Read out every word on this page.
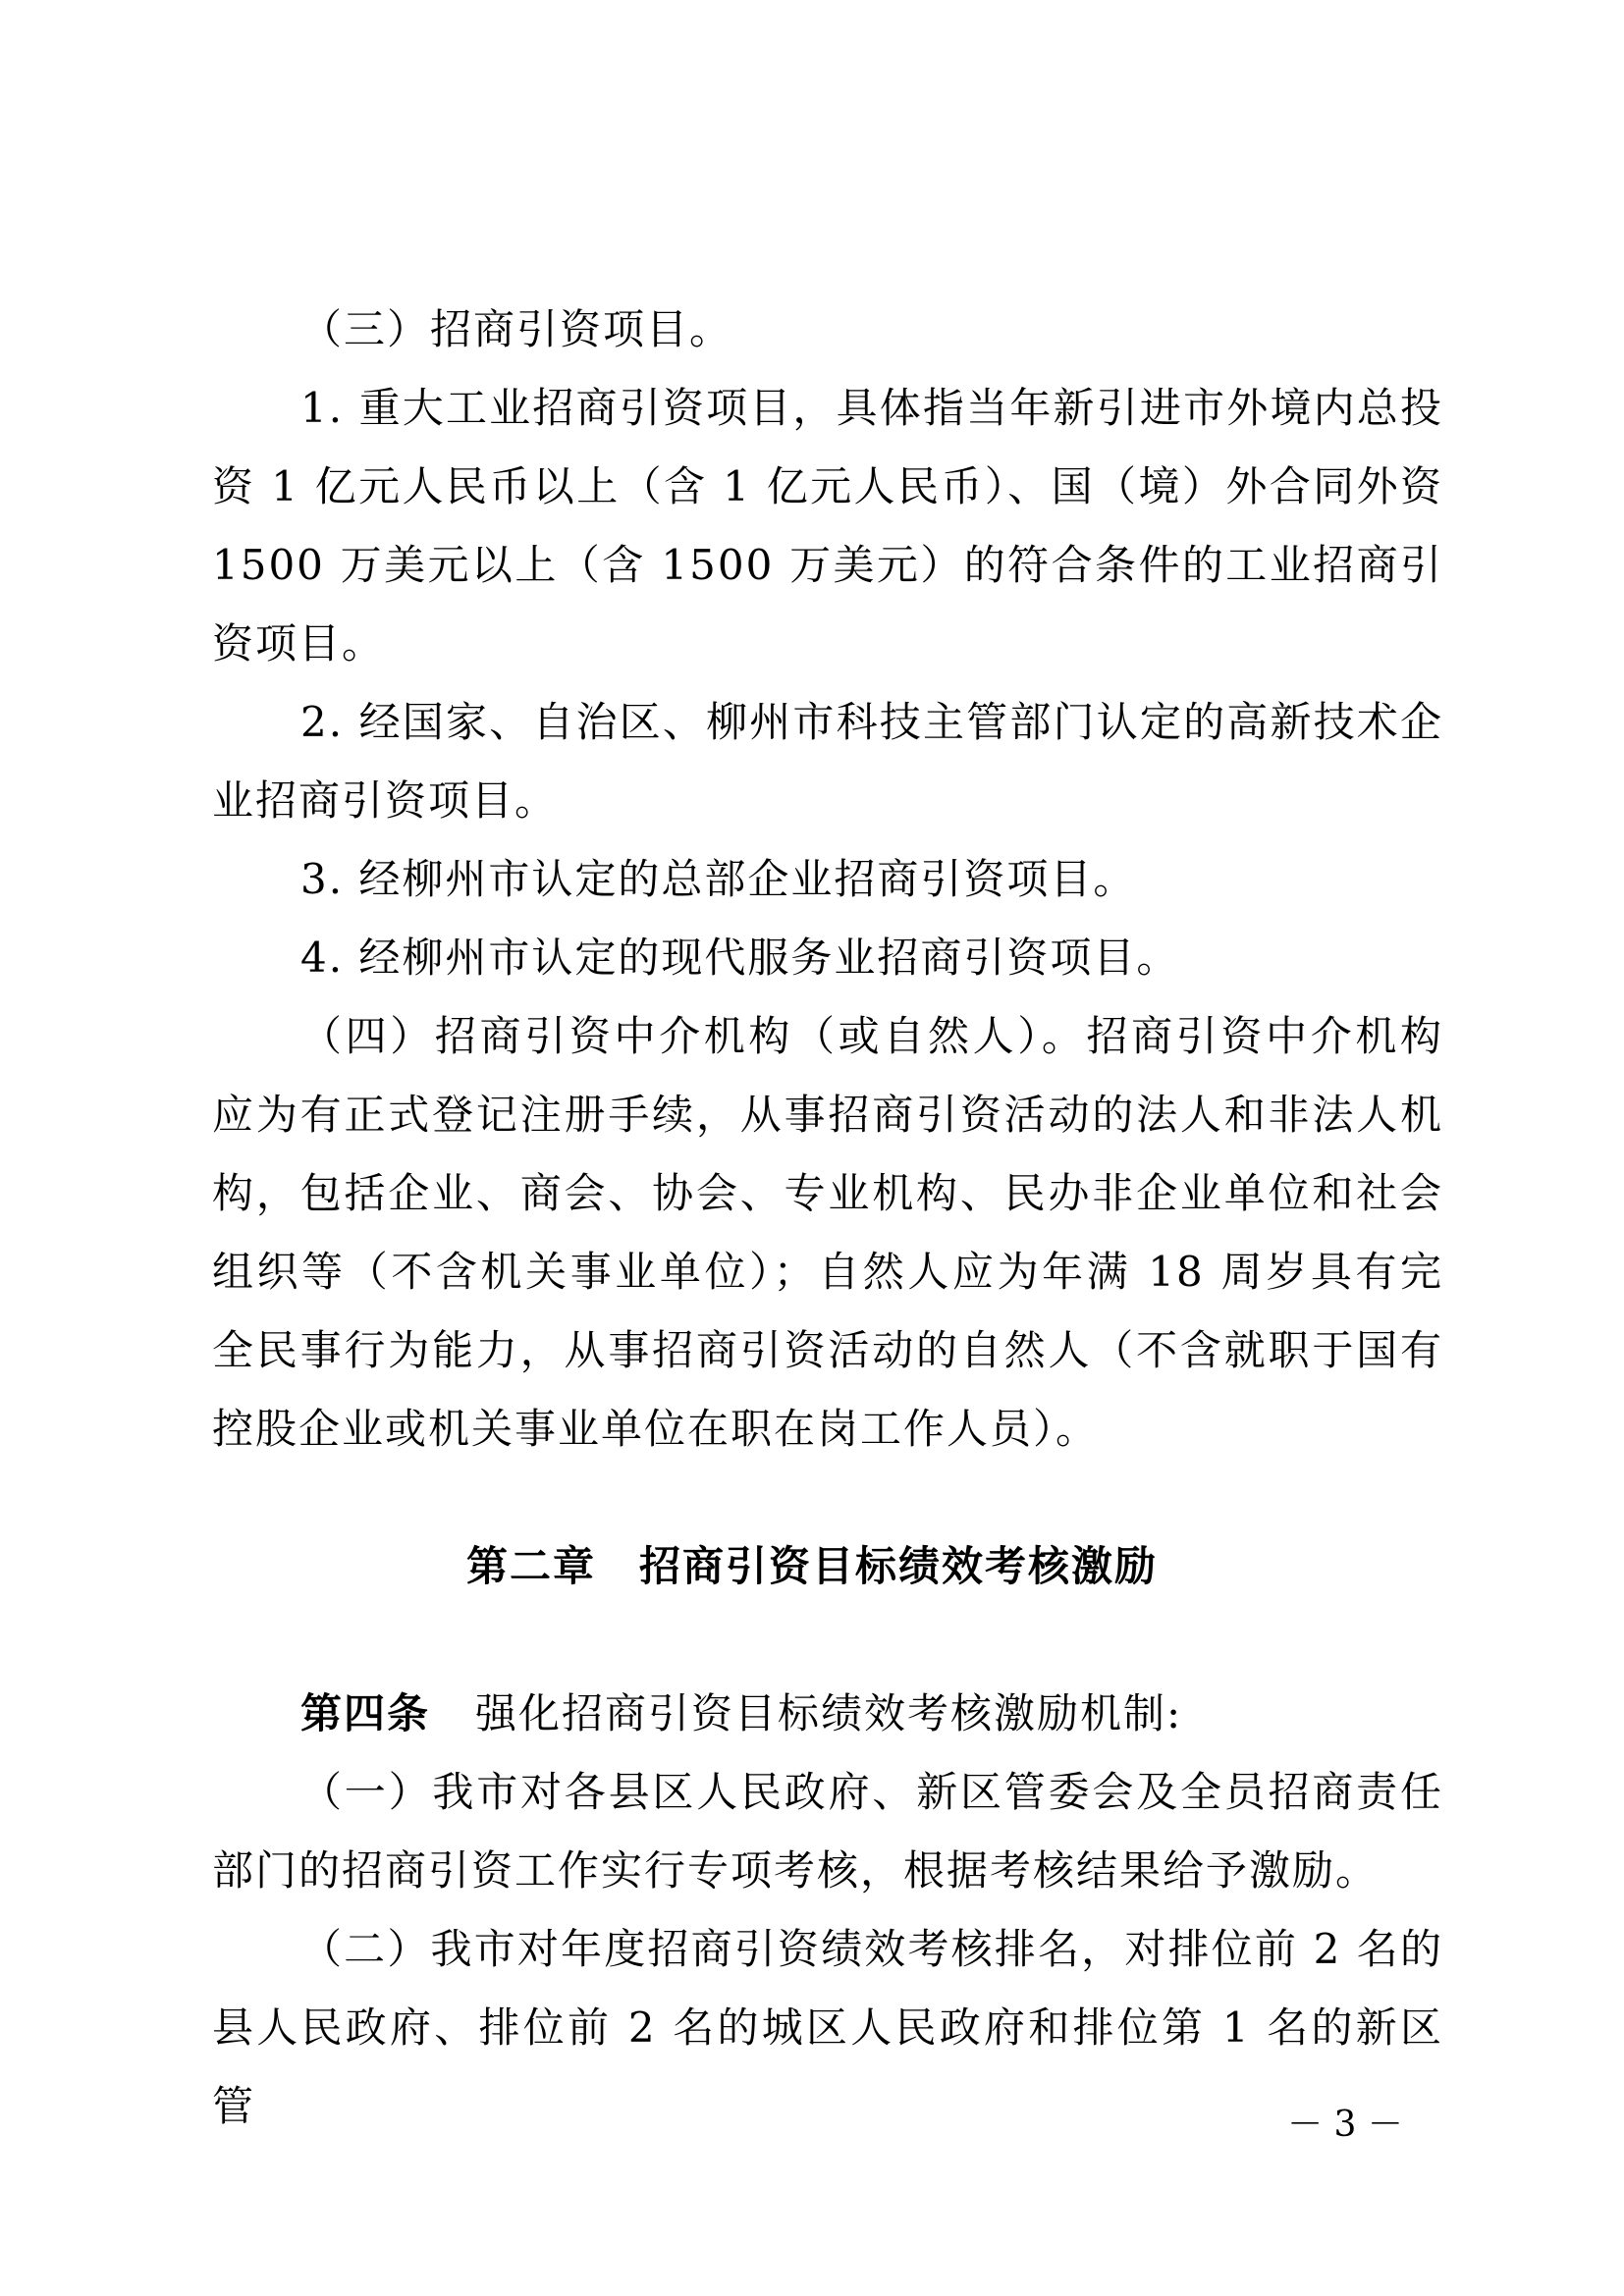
（三）招商引资项目。

1. 重大工业招商引资项目，具体指当年新引进市外境内总投资 1 亿元人民币以上（含 1 亿元人民币）、国（境）外合同外资 1500 万美元以上（含 1500 万美元）的符合条件的工业招商引资项目。

2. 经国家、自治区、柳州市科技主管部门认定的高新技术企业招商引资项目。

3. 经柳州市认定的总部企业招商引资项目。

4. 经柳州市认定的现代服务业招商引资项目。

（四）招商引资中介机构（或自然人）。招商引资中介机构应为有正式登记注册手续，从事招商引资活动的法人和非法人机构，包括企业、商会、协会、专业机构、民办非企业单位和社会组织等（不含机关事业单位）；自然人应为年满 18 周岁具有完全民事行为能力，从事招商引资活动的自然人（不含就职于国有控股企业或机关事业单位在职在岗工作人员）。

第二章　招商引资目标绩效考核激励

第四条 强化招商引资目标绩效考核激励机制:

（一）我市对各县区人民政府、新区管委会及全员招商责任部门的招商引资工作实行专项考核，根据考核结果给予激励。

（二）我市对年度招商引资绩效考核排名，对排位前 2 名的县人民政府、排位前 2 名的城区人民政府和排位第 1 名的新区管	－ 3 －
